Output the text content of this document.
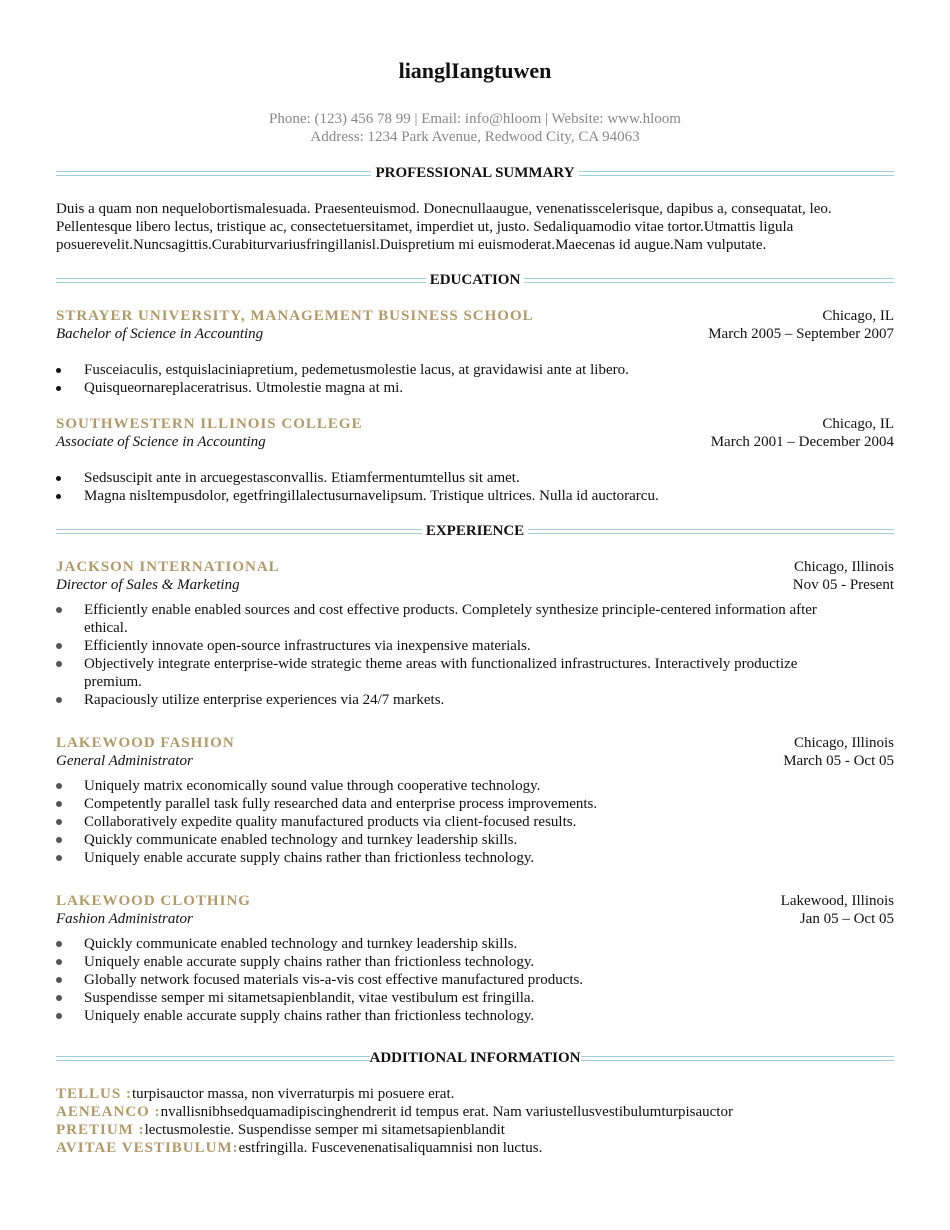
lianglIangtuwen
Phone: (123) 456 78 99 | Email: info@hloom | Website: www.hloom
Address: 1234 Park Avenue, Redwood City, CA 94063
PROFESSIONAL SUMMARY
Duis a quam non nequelobortismalesuada. Praesenteuismod. Donecnullaaugue, venenatisscelerisque, dapibus a, consequatat, leo.
Pellentesque libero lectus, tristique ac, consectetuersitamet, imperdiet ut, justo. Sedaliquamodio vitae tortor.Utmattis ligula
posuerevelit.Nuncsagittis.Curabiturvariusfringillanisl.Duispretium mi euismoderat.Maecenas id augue.Nam vulputate.
EDUCATION
STRAYER UNIVERSITY, MANAGEMENT BUSINESS SCHOOL	Chicago, IL
Bachelor of Science in Accounting	March 2005 – September 2007
Fusceiaculis, estquislaciniapretium, pedemetusmolestie lacus, at gravidawisi ante at libero.
Quisqueornareplaceratrisus. Utmolestie magna at mi.
SOUTHWESTERN ILLINOIS COLLEGE	Chicago, IL
Associate of Science in Accounting	March 2001 – December 2004
Sedsuscipit ante in arcuegestasconvallis. Etiamfermentumtellus sit amet.
Magna nisltempusdolor, egetfringillalectusurnavelipsum. Tristique ultrices. Nulla id auctorarcu.
EXPERIENCE
JACKSON INTERNATIONAL	Chicago, Illinois
Director of Sales & Marketing	Nov 05 - Present
Efficiently enable enabled sources and cost effective products. Completely synthesize principle-centered information after ethical.
Efficiently innovate open-source infrastructures via inexpensive materials.
Objectively integrate enterprise-wide strategic theme areas with functionalized infrastructures. Interactively productize premium.
Rapaciously utilize enterprise experiences via 24/7 markets.
LAKEWOOD FASHION	Chicago, Illinois
General Administrator	March 05 - Oct 05
Uniquely matrix economically sound value through cooperative technology.
Competently parallel task fully researched data and enterprise process improvements.
Collaboratively expedite quality manufactured products via client-focused results.
Quickly communicate enabled technology and turnkey leadership skills.
Uniquely enable accurate supply chains rather than frictionless technology.
LAKEWOOD CLOTHING	Lakewood, Illinois
Fashion Administrator	Jan 05 – Oct 05
Quickly communicate enabled technology and turnkey leadership skills.
Uniquely enable accurate supply chains rather than frictionless technology.
Globally network focused materials vis-a-vis cost effective manufactured products.
Suspendisse semper mi sitametsapienblandit, vitae vestibulum est fringilla.
Uniquely enable accurate supply chains rather than frictionless technology.
ADDITIONAL INFORMATION
TELLUS :turpisauctor massa, non viverraturpis mi posuere erat.
AENEANCO :nvallisnibhsedquamadipiscinghendrerit id tempus erat. Nam variustellusvestibulumturpisauctor
PRETIUM :lectusmolestie. Suspendisse semper mi sitametsapienblandit
AVITAE VESTIBULUM:estfringilla. Fuscevenenatisaliquamnisi non luctus.
